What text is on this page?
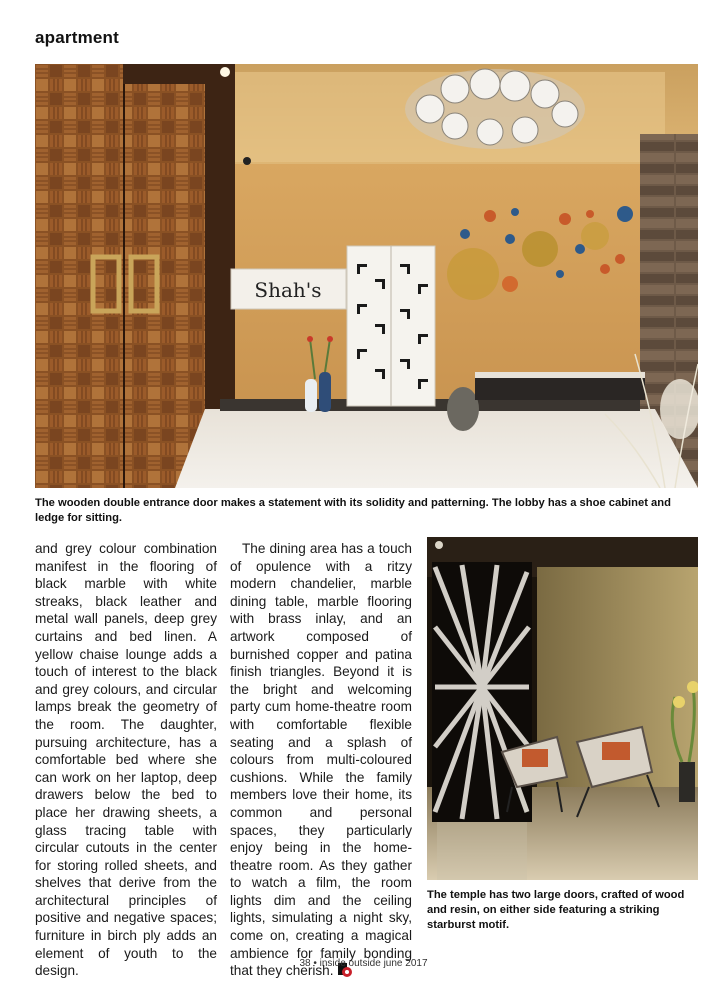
apartment
Shah's
The wooden double entrance door makes a statement with its solidity and patterning. The lobby has a shoe cabinet and ledge for sitting.

and grey colour combination manifest in the flooring of black marble with white streaks, black leather and metal wall panels, deep grey curtains and bed linen. A yellow chaise lounge adds a touch of interest to the black and grey colours, and circular lamps break the geometry of the room. The daughter, pursuing architecture, has a comfortable bed where she can work on her laptop, deep drawers below the bed to place her drawing sheets, a glass tracing table with circular cutouts in the center for storing rolled sheets, and shelves that derive from the architectural principles of positive and negative spaces; furniture in birch ply adds an element of youth to the design.

The dining area has a touch of opulence with a ritzy modern chandelier, marble dining table, marble flooring with brass inlay, and an artwork composed of burnished copper and patina finish triangles. Beyond it is the bright and welcoming party cum home-theatre room with comfortable flexible seating and a splash of colours from multi-coloured cushions. While the family members love their home, its common and personal spaces, they particularly enjoy being in the home-theatre room. As they gather to watch a film, the room lights dim and the ceiling lights, simulating a night sky, come on, creating a magical ambience for family bonding that they cherish.

The temple has two large doors, crafted of wood and resin, on either side featuring a striking starburst motif.
38 • inside outside june 2017
